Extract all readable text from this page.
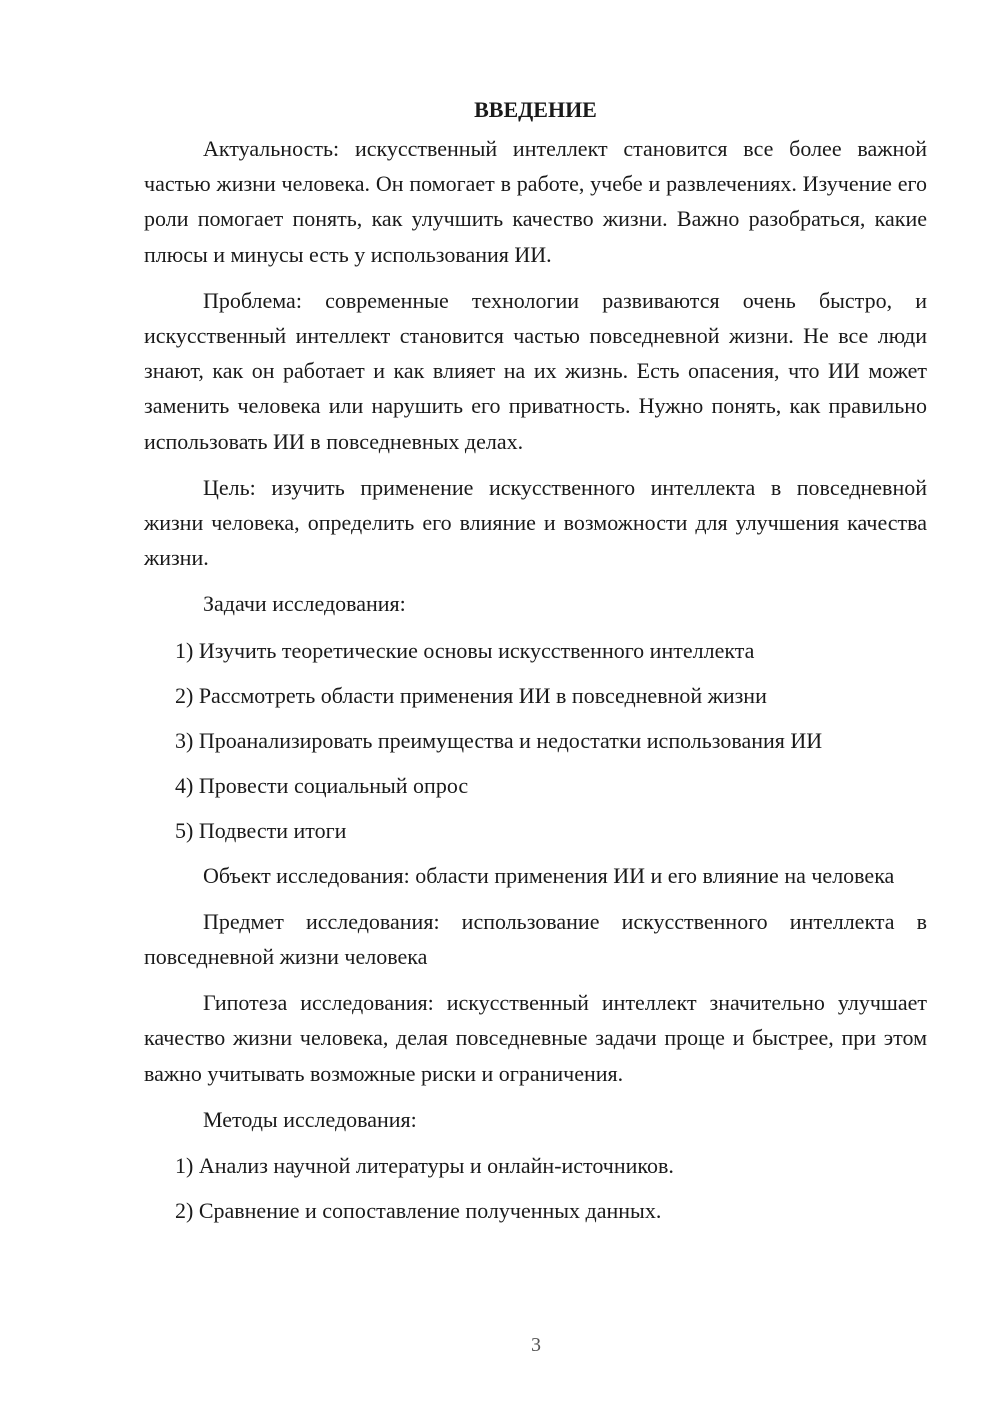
ВВЕДЕНИЕ

Актуальность: искусственный интеллект становится все более важной частью жизни человека. Он помогает в работе, учебе и развлечениях. Изучение его роли помогает понять, как улучшить качество жизни. Важно разобраться, какие плюсы и минусы есть у использования ИИ.

Проблема: современные технологии развиваются очень быстро, и искусственный интеллект становится частью повседневной жизни. Не все люди знают, как он работает и как влияет на их жизнь. Есть опасения, что ИИ может заменить человека или нарушить его приватность. Нужно понять, как правильно использовать ИИ в повседневных делах.

Цель: изучить применение искусственного интеллекта в повседневной жизни человека, определить его влияние и возможности для улучшения качества жизни.

Задачи исследования:

1) Изучить теоретические основы искусственного интеллекта
2) Рассмотреть области применения ИИ в повседневной жизни
3) Проанализировать преимущества и недостатки использования ИИ
4) Провести социальный опрос
5) Подвести итоги

Объект исследования: области применения ИИ и его влияние на человека

Предмет исследования: использование искусственного интеллекта в повседневной жизни человека

Гипотеза исследования: искусственный интеллект значительно улучшает качество жизни человека, делая повседневные задачи проще и быстрее, при этом важно учитывать возможные риски и ограничения.

Методы исследования:

1) Анализ научной литературы и онлайн-источников.
2) Сравнение и сопоставление полученных данных.
3
